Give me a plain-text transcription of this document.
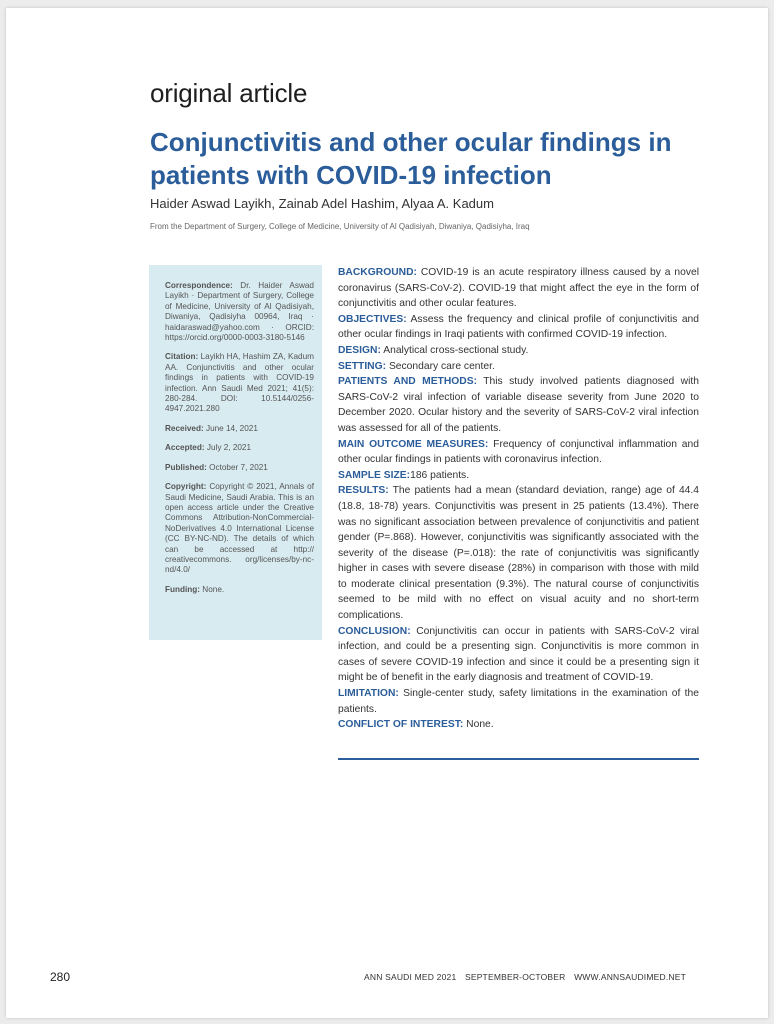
original article
Conjunctivitis and other ocular findings in patients with COVID-19 infection
Haider Aswad Layikh, Zainab Adel Hashim, Alyaa A. Kadum
From the Department of Surgery, College of Medicine, University of Al Qadisiyah, Diwaniya, Qadisiyha, Iraq
Correspondence: Dr. Haider Aswad Layikh · Department of Surgery, College of Medicine, University of Al Qadisiyah, Diwaniya, Qadisiyha 00964, Iraq · haidaraswad@yahoo.com · ORCID: https://orcid.org/0000-0003-3180-5146
Citation: Layikh HA, Hashim ZA, Kadum AA. Conjunctivitis and other ocular findings in patients with COVID-19 infection. Ann Saudi Med 2021; 41(5): 280-284. DOI: 10.5144/0256-4947.2021.280
Received: June 14, 2021
Accepted: July 2, 2021
Published: October 7, 2021
Copyright: Copyright © 2021, Annals of Saudi Medicine, Saudi Arabia. This is an open access article under the Creative Commons Attribution-NonCommercial-NoDerivatives 4.0 International License (CC BY-NC-ND). The details of which can be accessed at http:// creativecommons. org/licenses/by-nc-nd/4.0/
Funding: None.

BACKGROUND: COVID-19 is an acute respiratory illness caused by a novel coronavirus (SARS-CoV-2). COVID-19 that might affect the eye in the form of conjunctivitis and other ocular features.

OBJECTIVES: Assess the frequency and clinical profile of conjunctivitis and other ocular findings in Iraqi patients with confirmed COVID-19 infection.

DESIGN: Analytical cross-sectional study.

SETTING: Secondary care center.

PATIENTS AND METHODS: This study involved patients diagnosed with SARS-CoV-2 viral infection of variable disease severity from June 2020 to December 2020. Ocular history and the severity of SARS-CoV-2 viral infection was assessed for all of the patients.

MAIN OUTCOME MEASURES: Frequency of conjunctival inflammation and other ocular findings in patients with coronavirus infection.

SAMPLE SIZE:186 patients.

RESULTS: The patients had a mean (standard deviation, range) age of 44.4 (18.8, 18-78) years. Conjunctivitis was present in 25 patients (13.4%). There was no significant association between prevalence of conjunctivitis and patient gender (P=.868). However, conjunctivitis was significantly associated with the severity of the disease (P=.018): the rate of conjunctivitis was significantly higher in cases with severe disease (28%) in comparison with those with mild to moderate clinical presentation (9.3%). The natural course of conjunctivitis seemed to be mild with no effect on visual acuity and no short-term complications.

CONCLUSION: Conjunctivitis can occur in patients with SARS-CoV-2 viral infection, and could be a presenting sign. Conjunctivitis is more common in cases of severe COVID-19 infection and since it could be a presenting sign it might be of benefit in the early diagnosis and treatment of COVID-19.

LIMITATION: Single-center study, safety limitations in the examination of the patients.

CONFLICT OF INTEREST: None.

280	ANN SAUDI MED 2021 SEPTEMBER-OCTOBER WWW.ANNSAUDIMED.NET
